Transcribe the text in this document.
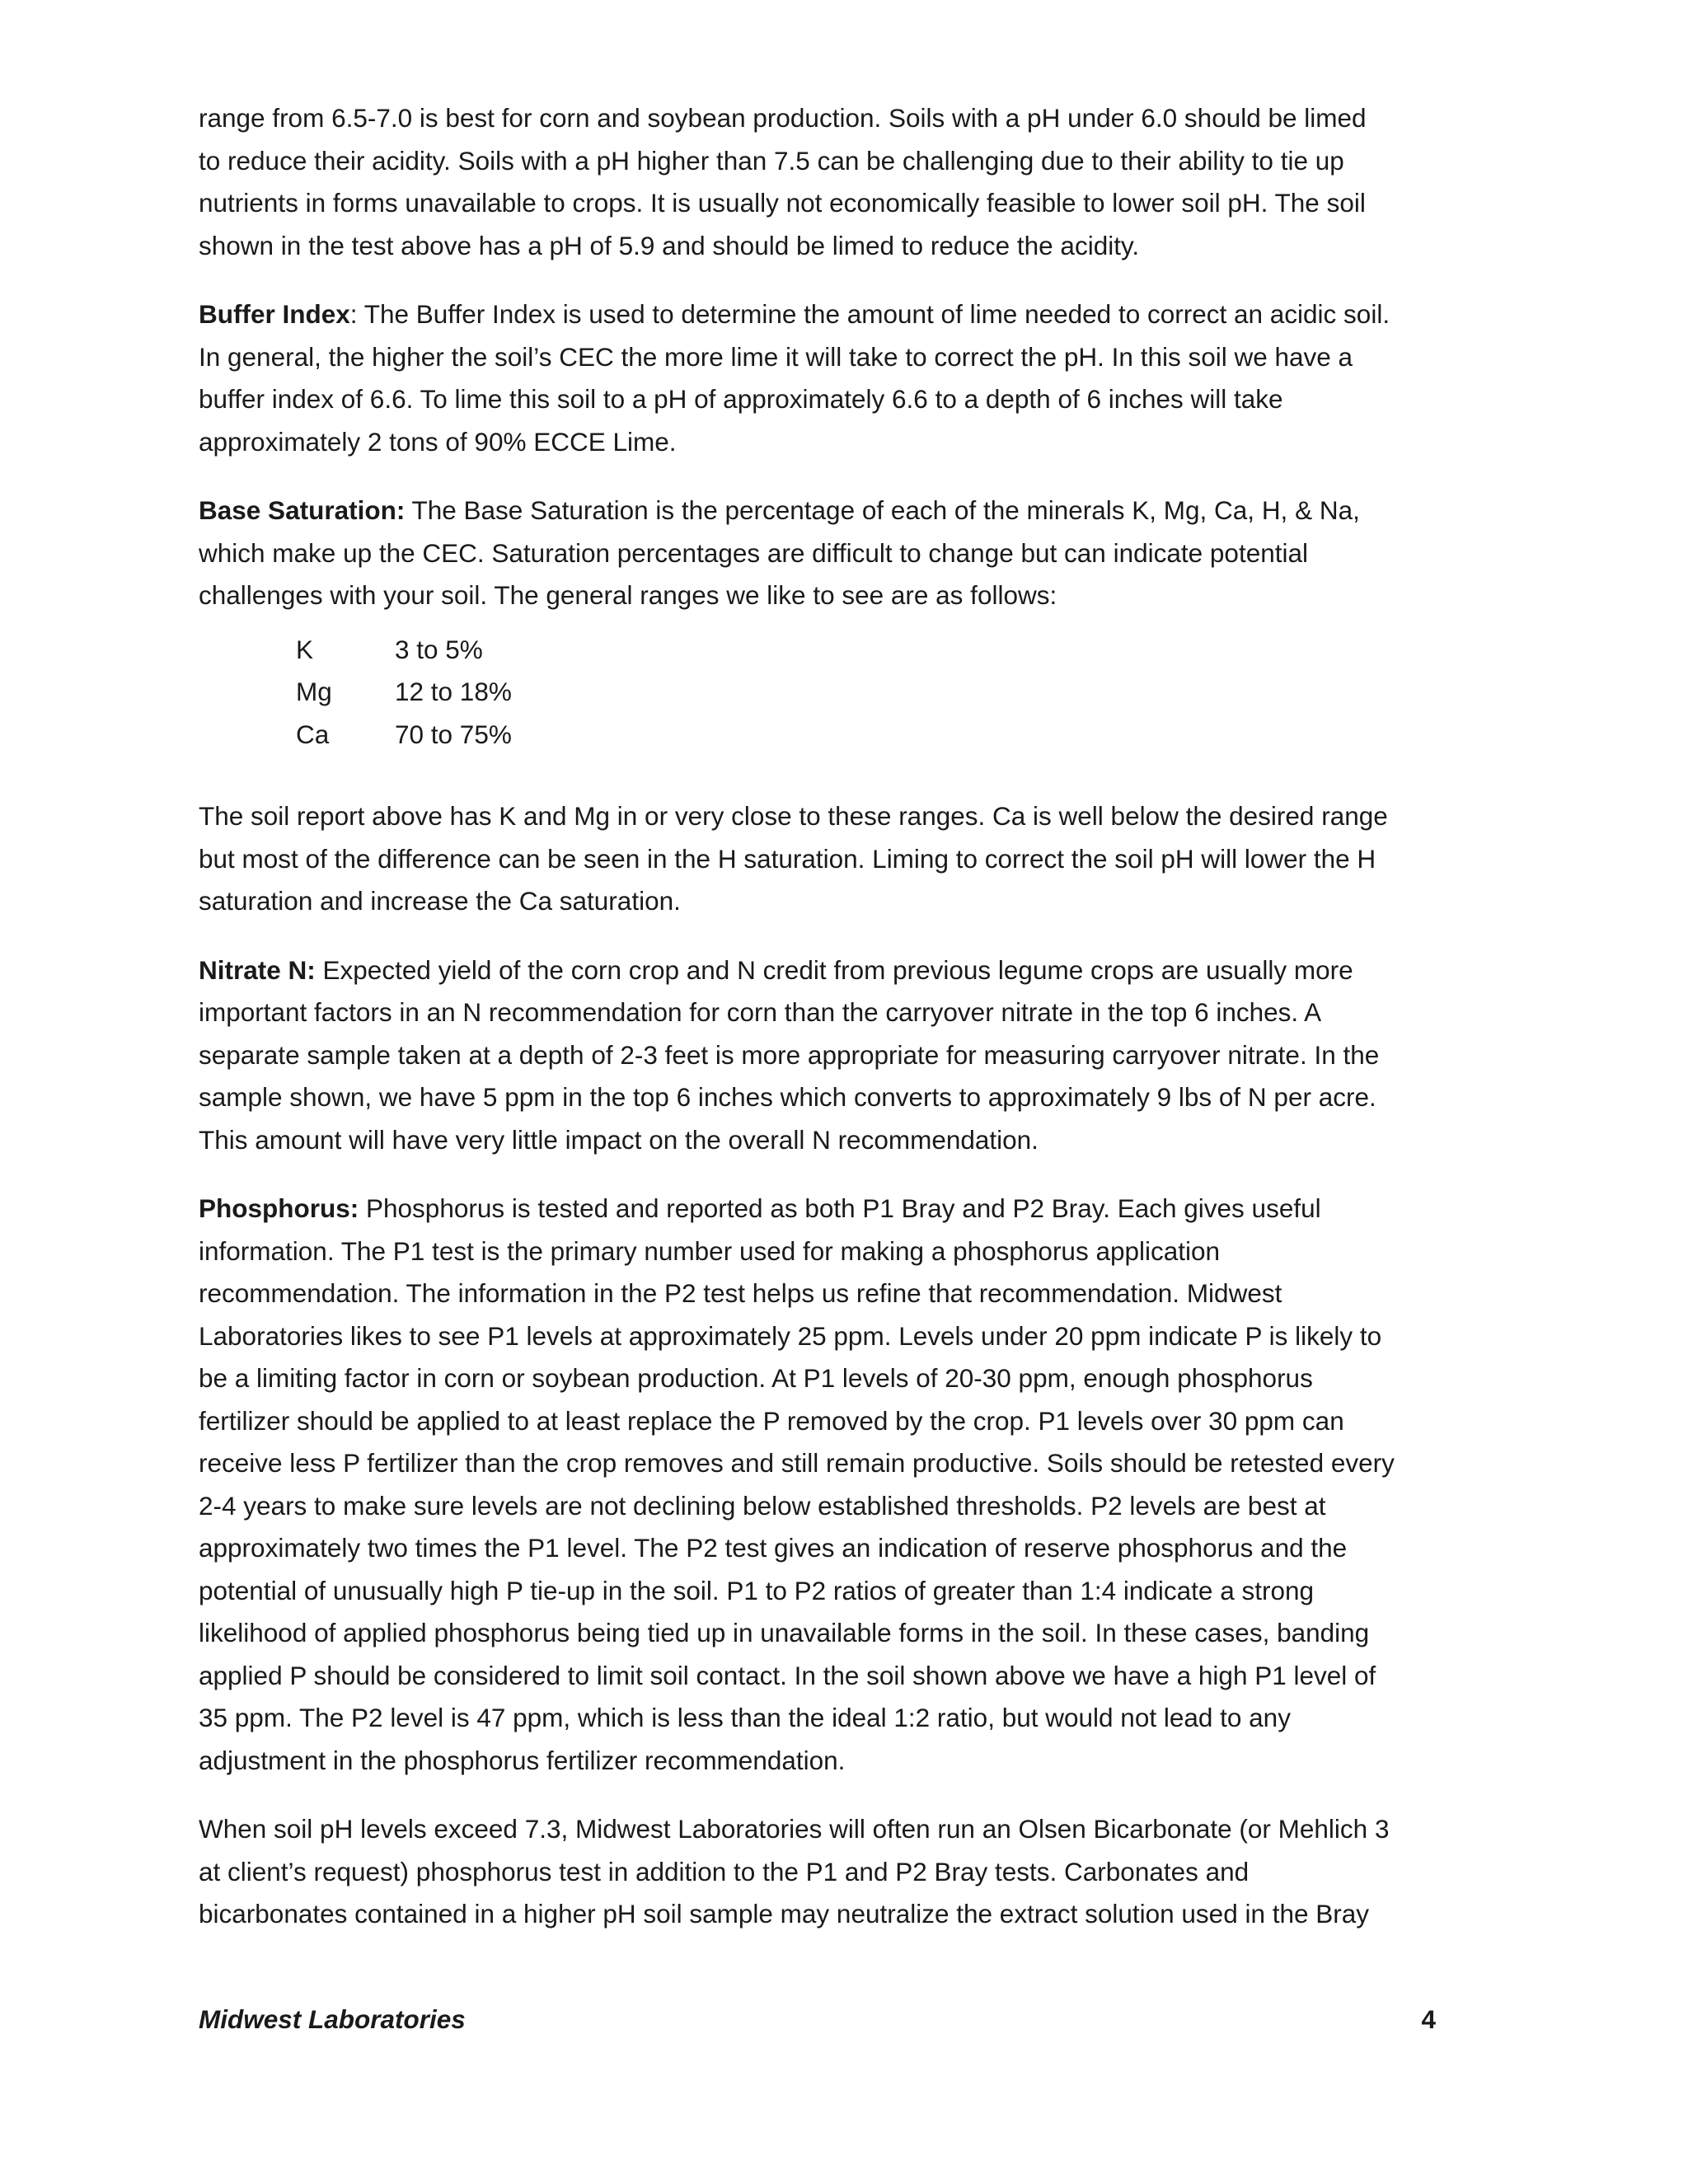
range from 6.5-7.0 is best for corn and soybean production. Soils with a pH under 6.0 should be limed
to reduce their acidity. Soils with a pH higher than 7.5 can be challenging due to their ability to tie up
nutrients in forms unavailable to crops. It is usually not economically feasible to lower soil pH. The soil
shown in the test above has a pH of 5.9 and should be limed to reduce the acidity.

Buffer Index: The Buffer Index is used to determine the amount of lime needed to correct an acidic soil.
In general, the higher the soil’s CEC the more lime it will take to correct the pH. In this soil we have a
buffer index of 6.6. To lime this soil to a pH of approximately 6.6 to a depth of 6 inches will take
approximately 2 tons of 90% ECCE Lime.

Base Saturation: The Base Saturation is the percentage of each of the minerals K, Mg, Ca, H, & Na,
which make up the CEC. Saturation percentages are difficult to change but can indicate potential
challenges with your soil. The general ranges we like to see are as follows:

K	3 to 5%
Mg	12 to 18%
Ca	70 to 75%

The soil report above has K and Mg in or very close to these ranges. Ca is well below the desired range
but most of the difference can be seen in the H saturation. Liming to correct the soil pH will lower the H
saturation and increase the Ca saturation.

Nitrate N: Expected yield of the corn crop and N credit from previous legume crops are usually more
important factors in an N recommendation for corn than the carryover nitrate in the top 6 inches. A
separate sample taken at a depth of 2-3 feet is more appropriate for measuring carryover nitrate. In the
sample shown, we have 5 ppm in the top 6 inches which converts to approximately 9 lbs of N per acre.
This amount will have very little impact on the overall N recommendation.

Phosphorus: Phosphorus is tested and reported as both P1 Bray and P2 Bray. Each gives useful
information. The P1 test is the primary number used for making a phosphorus application
recommendation. The information in the P2 test helps us refine that recommendation. Midwest
Laboratories likes to see P1 levels at approximately 25 ppm. Levels under 20 ppm indicate P is likely to
be a limiting factor in corn or soybean production. At P1 levels of 20-30 ppm, enough phosphorus
fertilizer should be applied to at least replace the P removed by the crop. P1 levels over 30 ppm can
receive less P fertilizer than the crop removes and still remain productive. Soils should be retested every
2-4 years to make sure levels are not declining below established thresholds. P2 levels are best at
approximately two times the P1 level. The P2 test gives an indication of reserve phosphorus and the
potential of unusually high P tie-up in the soil. P1 to P2 ratios of greater than 1:4 indicate a strong
likelihood of applied phosphorus being tied up in unavailable forms in the soil. In these cases, banding
applied P should be considered to limit soil contact. In the soil shown above we have a high P1 level of
35 ppm. The P2 level is 47 ppm, which is less than the ideal 1:2 ratio, but would not lead to any
adjustment in the phosphorus fertilizer recommendation.

When soil pH levels exceed 7.3, Midwest Laboratories will often run an Olsen Bicarbonate (or Mehlich 3
at client’s request) phosphorus test in addition to the P1 and P2 Bray tests. Carbonates and
bicarbonates contained in a higher pH soil sample may neutralize the extract solution used in the Bray

Midwest Laboratories	4
